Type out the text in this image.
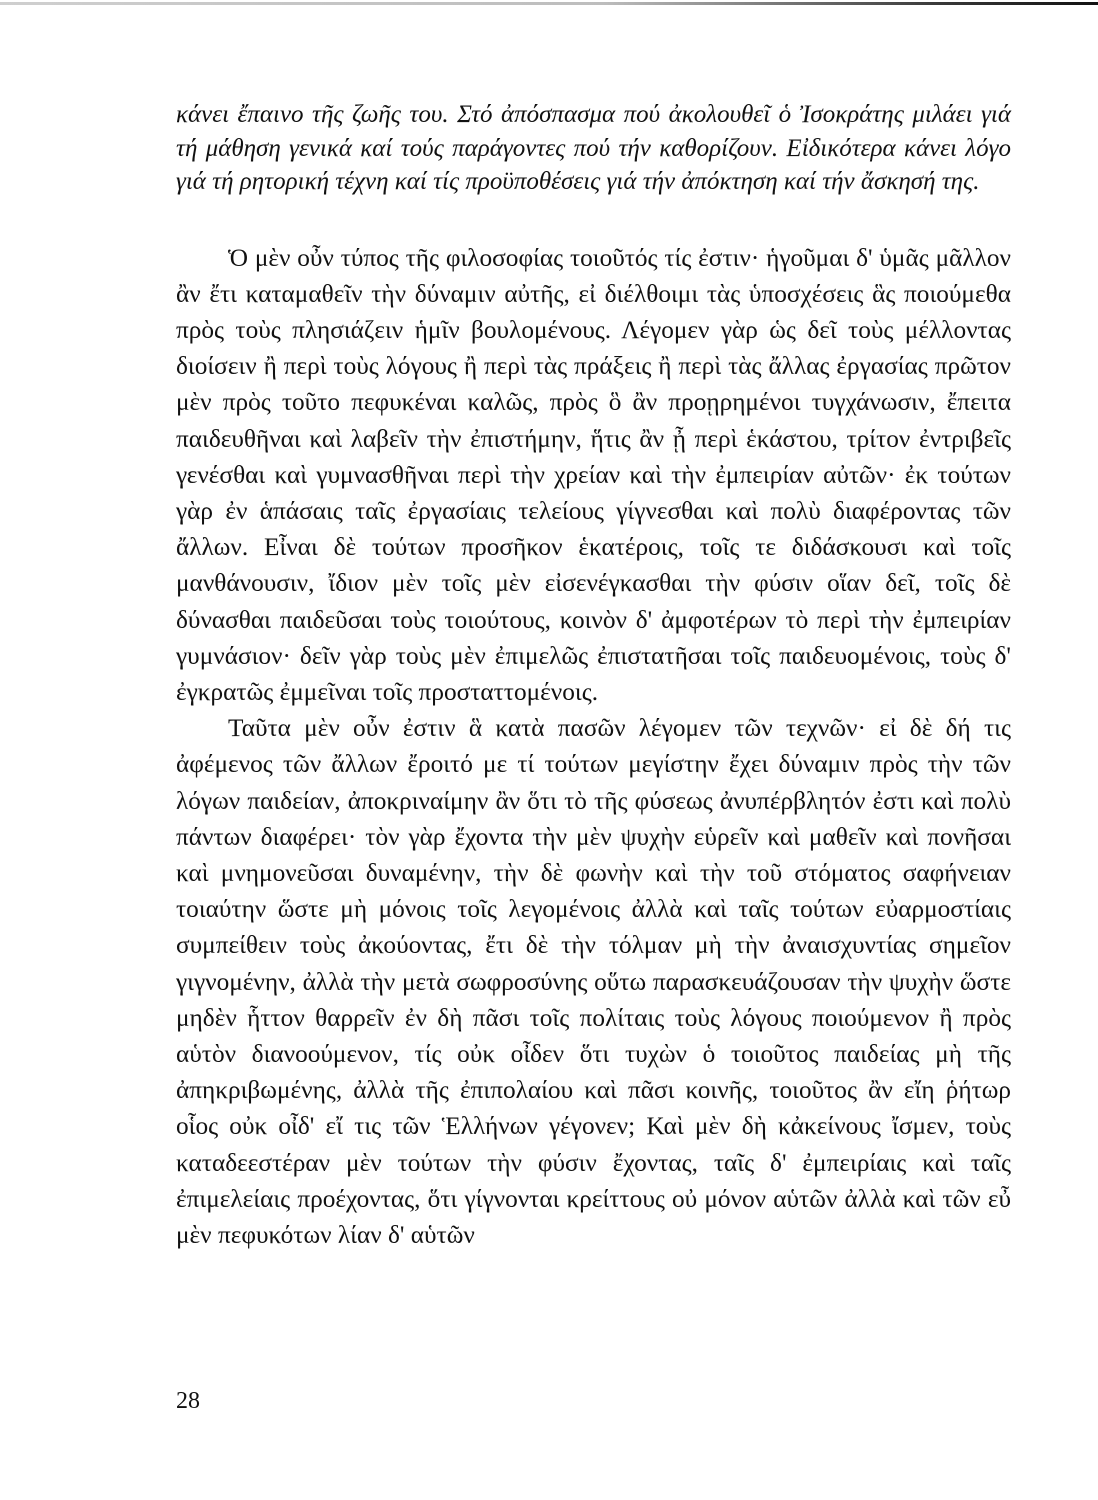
κάνει ἔπαινο τῆς ζωῆς του. Στό ἀπόσπασμα πού ἀκολουθεῖ ὁ Ἰσοκράτης μιλάει γιά τή μάθηση γενικά καί τούς παράγοντες πού τήν καθορίζουν. Εἰδικότερα κάνει λόγο γιά τή ρητορική τέχνη καί τίς προϋποθέσεις γιά τήν ἀπόκτηση καί τήν ἄσκησή της.

Ὁ μὲν οὖν τύπος τῆς φιλοσοφίας τοιοῦτός τίς ἐστιν· ἡγοῦμαι δ' ὑμᾶς μᾶλλον ἂν ἔτι καταμαθεῖν τὴν δύναμιν αὐτῆς, εἰ διέλθοιμι τὰς ὑποσχέσεις ἃς ποιούμεθα πρὸς τοὺς πλησιάζειν ἡμῖν βουλομένους. Λέγομεν γὰρ ὡς δεῖ τοὺς μέλλοντας διοίσειν ἢ περὶ τοὺς λόγους ἢ περὶ τὰς πράξεις ἢ περὶ τὰς ἄλλας ἐργασίας πρῶτον μὲν πρὸς τοῦτο πεφυκέναι καλῶς, πρὸς ὃ ἂν προῃρημένοι τυγχάνωσιν, ἔπειτα παιδευθῆναι καὶ λαβεῖν τὴν ἐπιστήμην, ἥτις ἂν ᾖ περὶ ἑκάστου, τρίτον ἐντριβεῖς γενέσθαι καὶ γυμνασθῆναι περὶ τὴν χρείαν καὶ τὴν ἐμπειρίαν αὐτῶν· ἐκ τούτων γὰρ ἐν ἁπάσαις ταῖς ἐργασίαις τελείους γίγνεσθαι καὶ πολὺ διαφέροντας τῶν ἄλλων. Εἶναι δὲ τούτων προσῆκον ἑκατέροις, τοῖς τε διδάσκουσι καὶ τοῖς μανθάνουσιν, ἴδιον μὲν τοῖς μὲν εἰσενέγκασθαι τὴν φύσιν οἵαν δεῖ, τοῖς δὲ δύνασθαι παιδεῦσαι τοὺς τοιούτους, κοινὸν δ' ἀμφοτέρων τὸ περὶ τὴν ἐμπειρίαν γυμνάσιον· δεῖν γὰρ τοὺς μὲν ἐπιμελῶς ἐπιστατῆσαι τοῖς παιδευομένοις, τοὺς δ' ἐγκρατῶς ἐμμεῖναι τοῖς προσταττομένοις.

Ταῦτα μὲν οὖν ἐστιν ἃ κατὰ πασῶν λέγομεν τῶν τεχνῶν· εἰ δὲ δή τις ἀφέμενος τῶν ἄλλων ἔροιτό με τί τούτων μεγίστην ἔχει δύναμιν πρὸς τὴν τῶν λόγων παιδείαν, ἀποκριναίμην ἂν ὅτι τὸ τῆς φύσεως ἀνυπέρβλητόν ἐστι καὶ πολὺ πάντων διαφέρει· τὸν γὰρ ἔχοντα τὴν μὲν ψυχὴν εὑρεῖν καὶ μαθεῖν καὶ πονῆσαι καὶ μνημονεῦσαι δυναμένην, τὴν δὲ φωνὴν καὶ τὴν τοῦ στόματος σαφήνειαν τοιαύτην ὥστε μὴ μόνοις τοῖς λεγομένοις ἀλλὰ καὶ ταῖς τούτων εὐαρμοστίαις συμπείθειν τοὺς ἀκούοντας, ἔτι δὲ τὴν τόλμαν μὴ τὴν ἀναισχυντίας σημεῖον γιγνομένην, ἀλλὰ τὴν μετὰ σωφροσύνης οὕτω παρασκευάζουσαν τὴν ψυχὴν ὥστε μηδὲν ἧττον θαρρεῖν ἐν δὴ πᾶσι τοῖς πολίταις τοὺς λόγους ποιούμενον ἢ πρὸς αὑτὸν διανοούμενον, τίς οὐκ οἶδεν ὅτι τυχὼν ὁ τοιοῦτος παιδείας μὴ τῆς ἀπηκριβωμένης, ἀλλὰ τῆς ἐπιπολαίου καὶ πᾶσι κοινῆς, τοιοῦτος ἂν εἴη ῥήτωρ οἷος οὐκ οἶδ' εἴ τις τῶν Ἑλλήνων γέγονεν; Καὶ μὲν δὴ κἀκείνους ἴσμεν, τοὺς καταδεεστέραν μὲν τούτων τὴν φύσιν ἔχοντας, ταῖς δ' ἐμπειρίαις καὶ ταῖς ἐπιμελείαις προέχοντας, ὅτι γίγνονται κρείττους οὐ μόνον αὑτῶν ἀλλὰ καὶ τῶν εὖ μὲν πεφυκότων λίαν δ' αὑτῶν

28
